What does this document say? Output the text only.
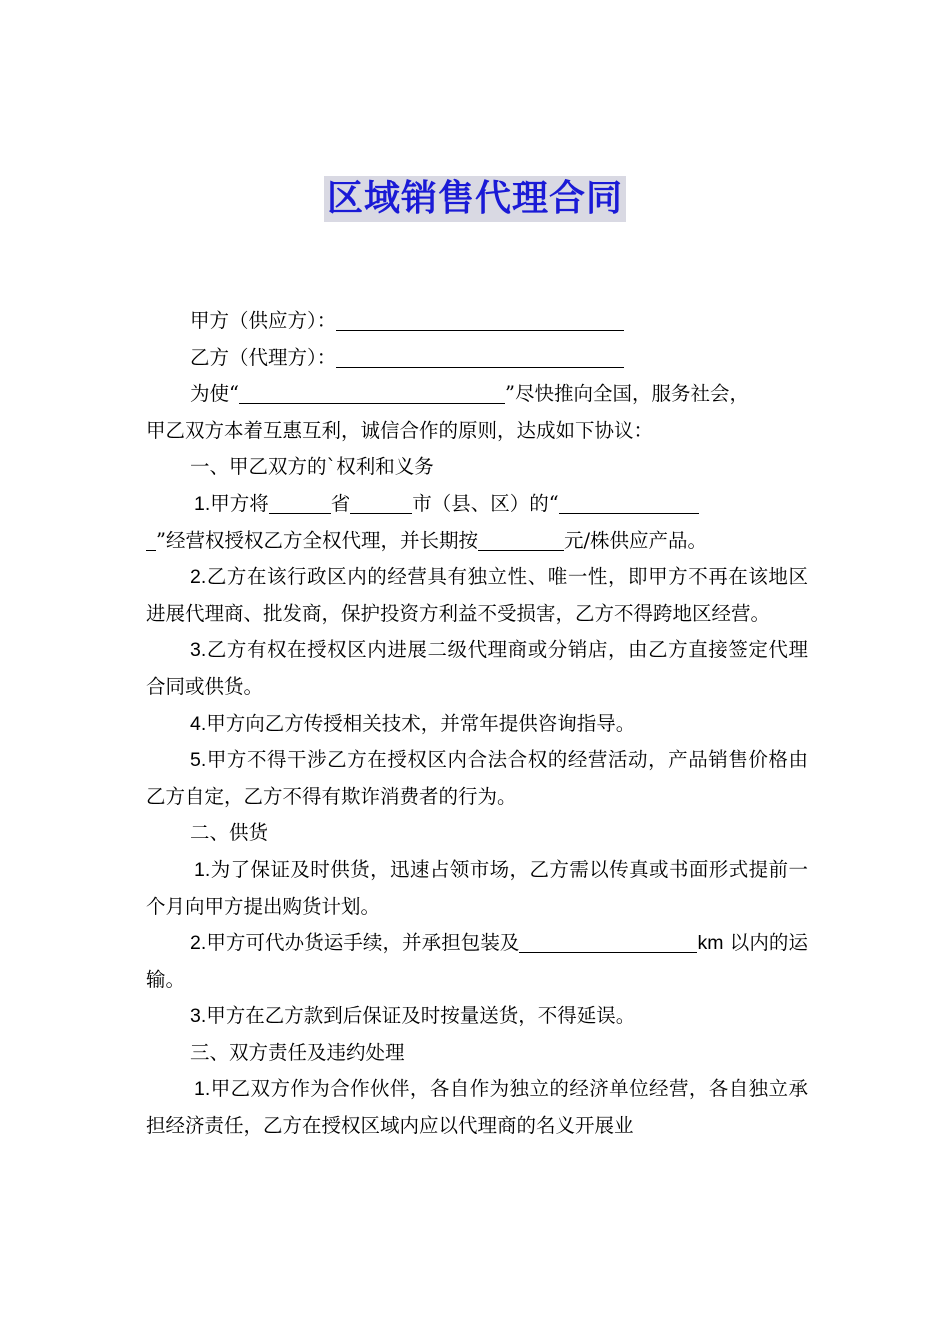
区域销售代理合同

甲方（供应方）：

乙方（代理方）：

为使“	”尽快推向全国，服务社会，

甲乙双方本着互惠互利，诚信合作的原则，达成如下协议：

一、甲乙双方的`权利和义务

1.甲方将	省	市（县、区）的“
”经营权授权乙方全权代理，并长期按	元/株供应产品。

2.乙方在该行政区内的经营具有独立性、唯一性，即甲方不再在该地区进展代理商、批发商，保护投资方利益不受损害，乙方不得跨地区经营。

3.乙方有权在授权区内进展二级代理商或分销店，由乙方直接签定代理合同或供货。

4.甲方向乙方传授相关技术，并常年提供咨询指导。

5.甲方不得干涉乙方在授权区内合法合权的经营活动，产品销售价格由乙方自定，乙方不得有欺诈消费者的行为。

二、供货

1.为了保证及时供货，迅速占领市场，乙方需以传真或书面形式提前一个月向甲方提出购货计划。

2.甲方可代办货运手续，并承担包装及	km 以内的运输。

3.甲方在乙方款到后保证及时按量送货，不得延误。

三、双方责任及违约处理

1.甲乙双方作为合作伙伴，各自作为独立的经济单位经营，各自独立承担经济责任，乙方在授权区域内应以代理商的名义开展业
